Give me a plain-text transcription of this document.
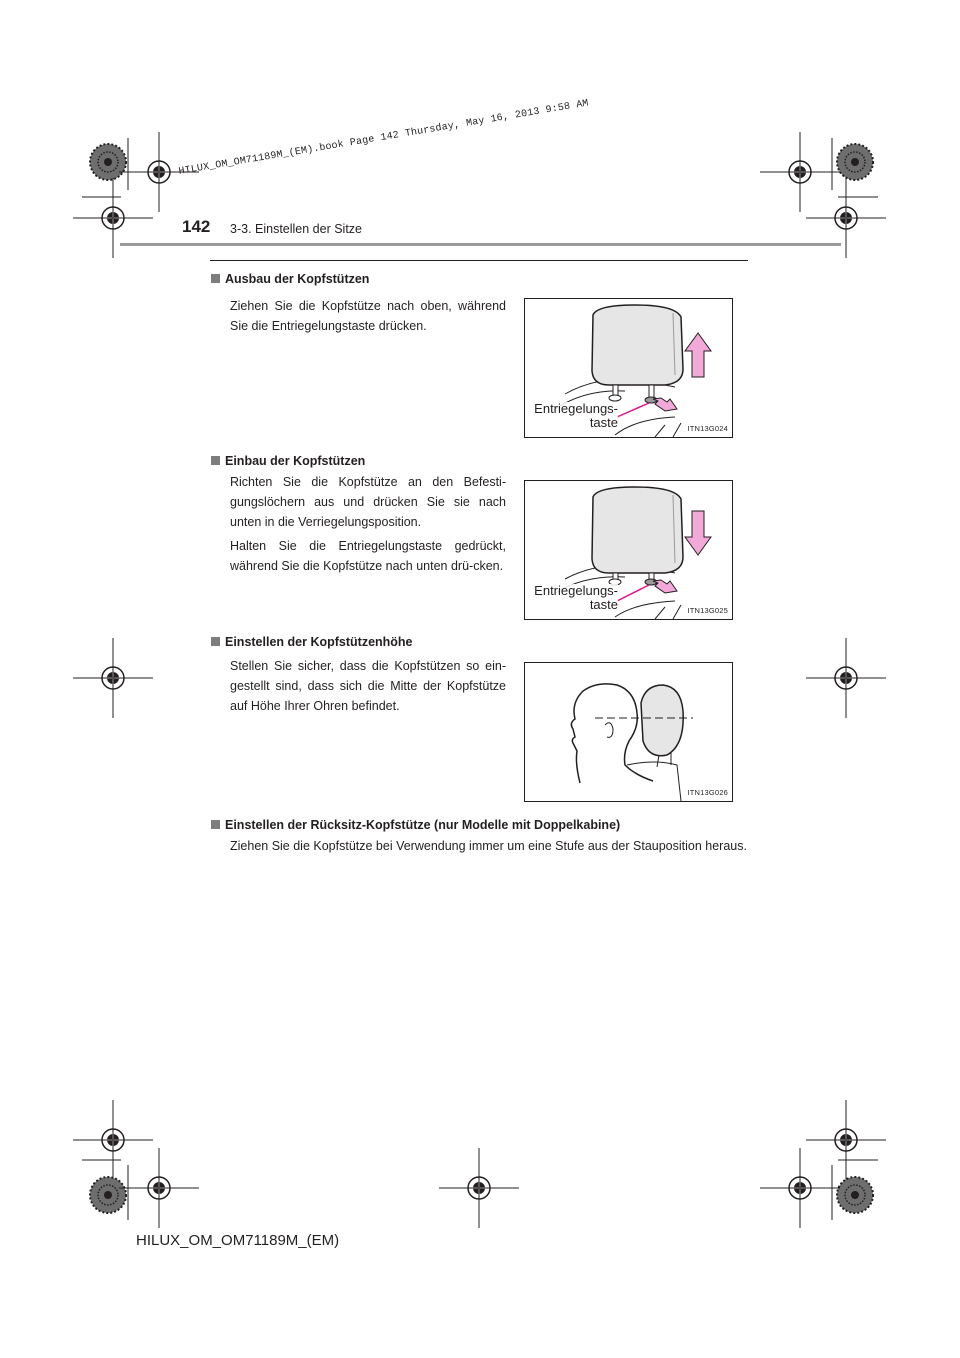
HILUX_OM_OM71189M_(EM).book Page 142 Thursday, May 16, 2013 9:58 AM
142 3-3. Einstellen der Sitze
Ausbau der Kopfstützen
Ziehen Sie die Kopfstütze nach oben, während Sie die Entriegelungstaste drücken.
Entriegelungs-
taste	ITN13G024
Einbau der Kopfstützen
Richten Sie die Kopfstütze an den Befesti-gungslöchern aus und drücken Sie sie nach unten in die Verriegelungsposition.
Halten Sie die Entriegelungstaste gedrückt, während Sie die Kopfstütze nach unten drü-cken.
Entriegelungs-
taste	ITN13G025
Einstellen der Kopfstützenhöhe
Stellen Sie sicher, dass die Kopfstützen so ein-gestellt sind, dass sich die Mitte der Kopfstütze auf Höhe Ihrer Ohren befindet.
ITN13G026
Einstellen der Rücksitz-Kopfstütze (nur Modelle mit Doppelkabine)
Ziehen Sie die Kopfstütze bei Verwendung immer um eine Stufe aus der Stauposition heraus.
HILUX_OM_OM71189M_(EM)
